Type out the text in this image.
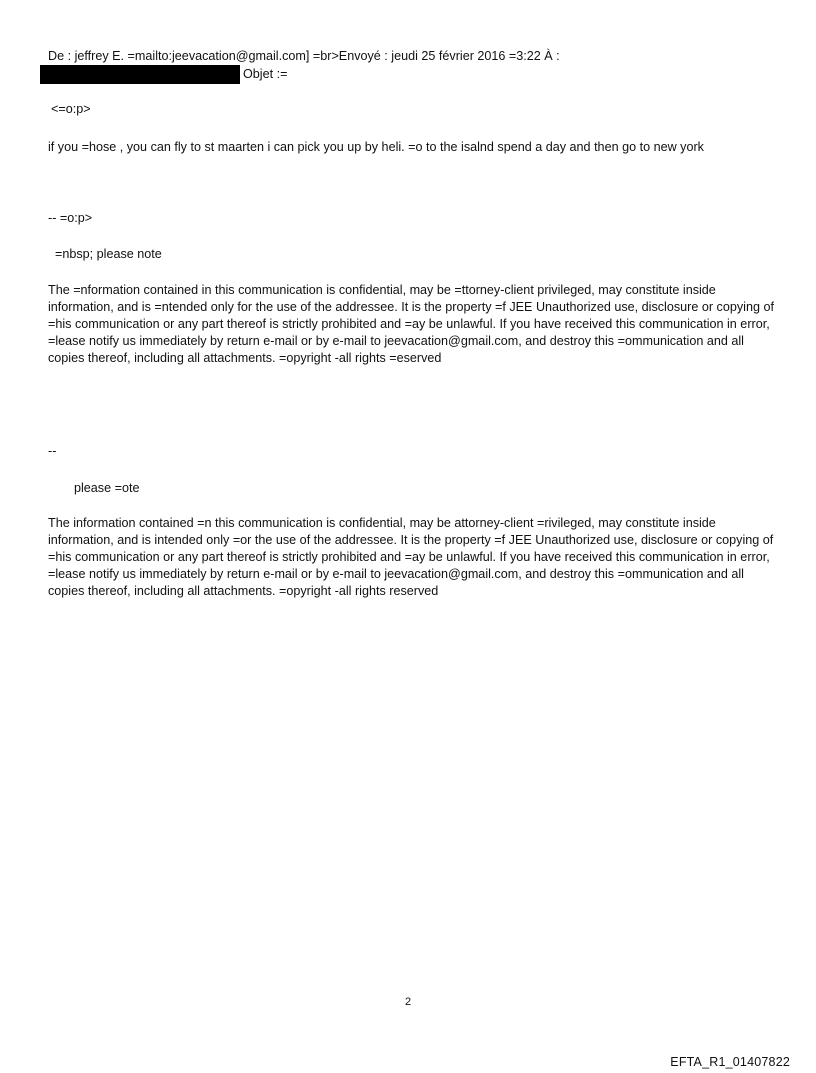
De : jeffrey E. =mailto:jeevacation@gmail.com] =br>Envoyé : jeudi 25 février 2016 =3:22 À :
Objet :=
<=o:p>
if you =hose , you can fly to st maarten i can pick you up by heli. =o to the isalnd spend a day and then go to new york
-- =o:p>
=nbsp; please note
The =nformation contained in this communication is confidential, may be =ttorney-client privileged, may constitute inside information, and is =ntended only for the use of the addressee. It is the property =f JEE Unauthorized use, disclosure or copying of =his communication or any part thereof is strictly prohibited and =ay be unlawful. If you have received this communication in error, =lease notify us immediately by return e-mail or by e-mail to jeevacation@gmail.com, and destroy this =ommunication and all copies thereof, including all attachments. =opyright -all rights =eserved
--
please =ote
The information contained =n this communication is confidential, may be attorney-client =rivileged, may constitute inside information, and is intended only =or the use of the addressee. It is the property =f JEE Unauthorized use, disclosure or copying of =his communication or any part thereof is strictly prohibited and =ay be unlawful. If you have received this communication in error, =lease notify us immediately by return e-mail or by e-mail to jeevacation@gmail.com, and destroy this =ommunication and all copies thereof, including all attachments. =opyright -all rights reserved
2
EFTA_R1_01407822
